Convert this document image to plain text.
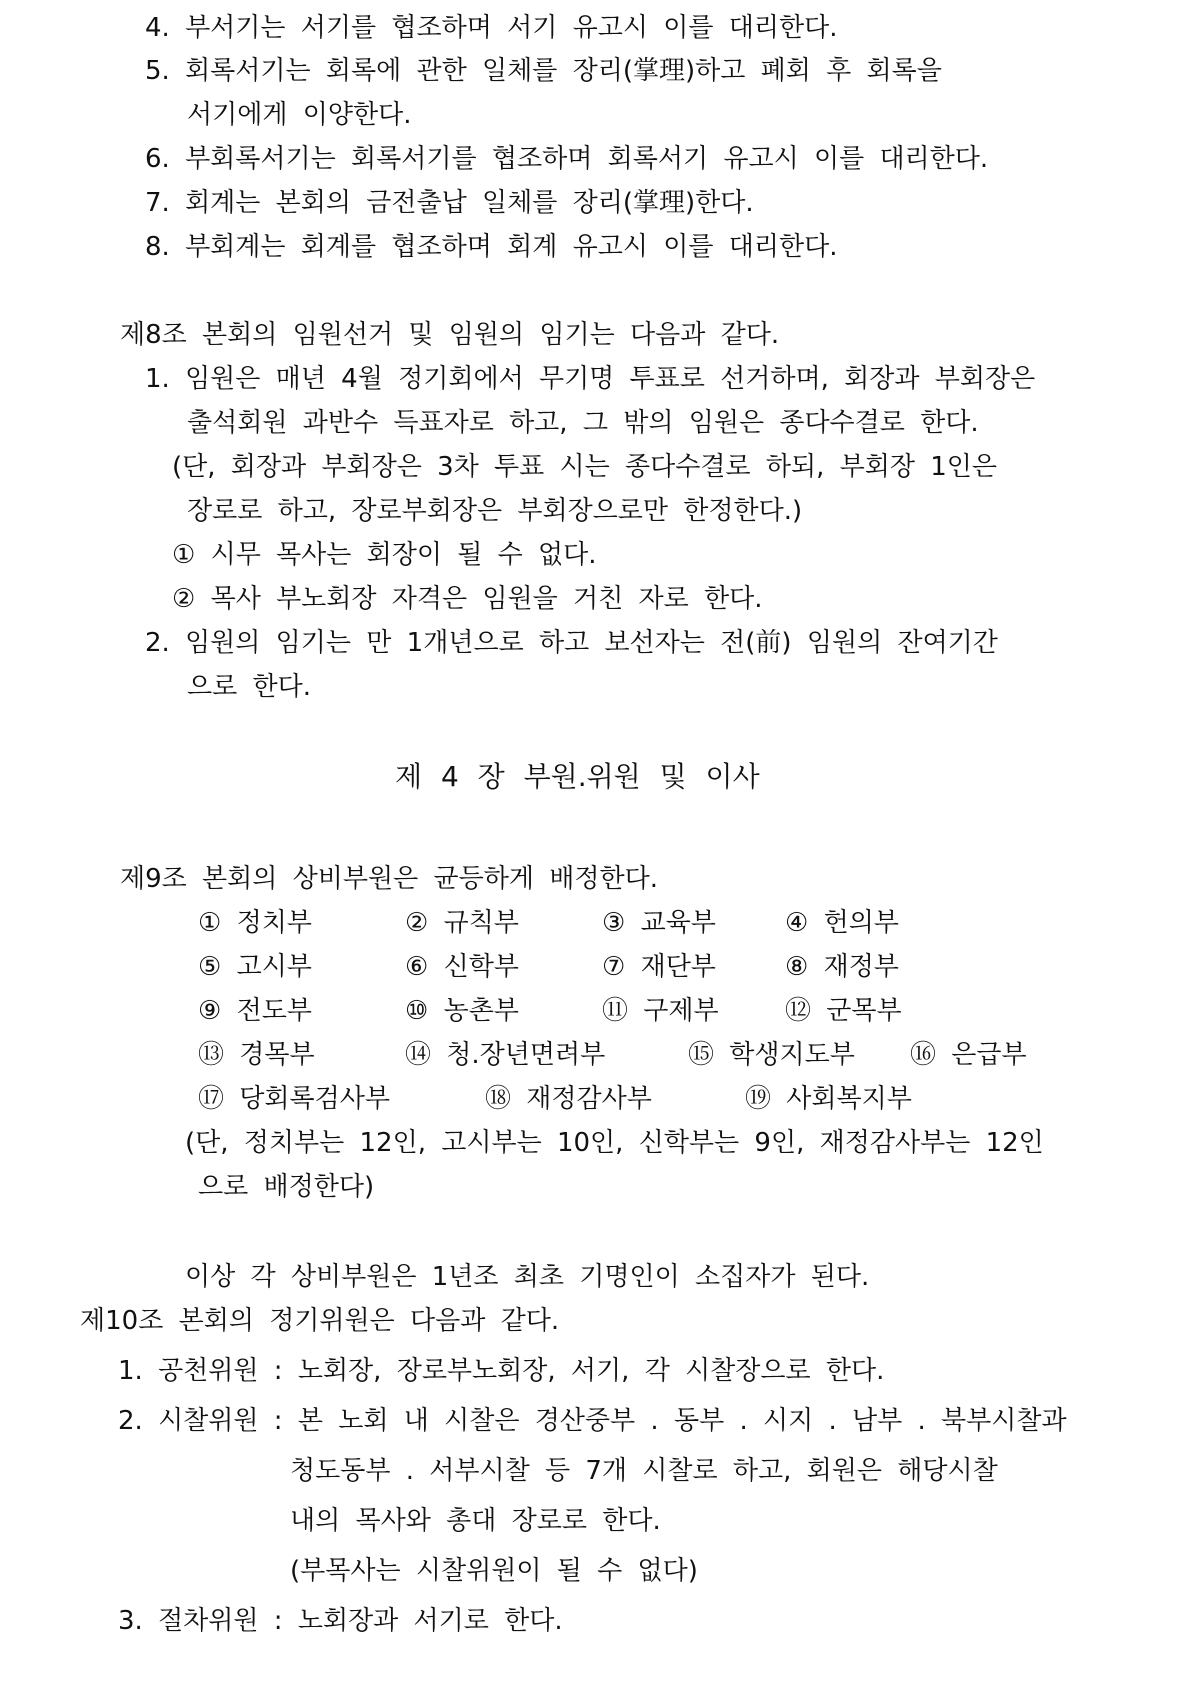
4. 부서기는 서기를 협조하며 서기 유고시 이를 대리한다.
5. 회록서기는 회록에 관한 일체를 장리(掌理)하고 폐회 후 회록을
서기에게 이양한다.
6. 부회록서기는 회록서기를 협조하며 회록서기 유고시 이를 대리한다.
7. 회계는 본회의 금전출납 일체를 장리(掌理)한다.
8. 부회계는 회계를 협조하며 회계 유고시 이를 대리한다.
제8조 본회의 임원선거 및 임원의 임기는 다음과 같다.
1. 임원은 매년 4월 정기회에서 무기명 투표로 선거하며, 회장과 부회장은
출석회원 과반수 득표자로 하고, 그 밖의 임원은 종다수결로 한다.
(단, 회장과 부회장은 3차 투표 시는 종다수결로 하되, 부회장 1인은
장로로 하고, 장로부회장은 부회장으로만 한정한다.)
① 시무 목사는 회장이 될 수 없다.
② 목사 부노회장 자격은 임원을 거친 자로 한다.
2. 임원의 임기는 만 1개년으로 하고 보선자는 전(前) 임원의 잔여기간
으로 한다.
제 4 장 부원.위원 및 이사
제9조 본회의 상비부원은 균등하게 배정한다.
① 정치부	② 규칙부	③ 교육부	④ 헌의부
⑤ 고시부	⑥ 신학부	⑦ 재단부	⑧ 재정부
⑨ 전도부	⑩ 농촌부	⑪ 구제부	⑫ 군목부
⑬ 경목부	⑭ 청.장년면려부	⑮ 학생지도부 ⑯ 은급부
⑰ 당회록검사부	⑱ 재정감사부	⑲ 사회복지부
(단, 정치부는 12인, 고시부는 10인, 신학부는 9인, 재정감사부는 12인
으로 배정한다)
이상 각 상비부원은 1년조 최초 기명인이 소집자가 된다.
제10조 본회의 정기위원은 다음과 같다.
1. 공천위원 : 노회장, 장로부노회장, 서기, 각 시찰장으로 한다.
2. 시찰위원 : 본 노회 내 시찰은 경산중부 . 동부 . 시지 . 남부 . 북부시찰과
청도동부 . 서부시찰 등 7개 시찰로 하고, 회원은 해당시찰
내의 목사와 총대 장로로 한다.
(부목사는 시찰위원이 될 수 없다)
3. 절차위원 : 노회장과 서기로 한다.
